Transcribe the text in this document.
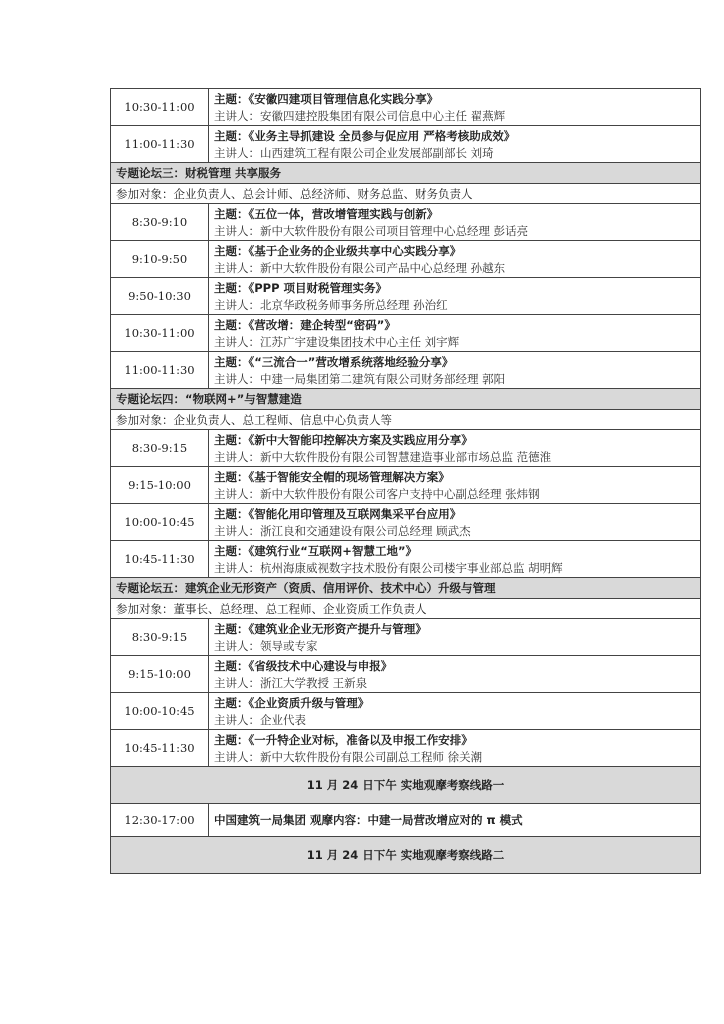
10:30-11:00	主题：《安徽四建项目管理信息化实践分享》
主讲人：安徽四建控股集团有限公司信息中心主任 翟燕辉

11:00-11:30	主题：《业务主导抓建设 全员参与促应用 严格考核助成效》
主讲人：山西建筑工程有限公司企业发展部副部长 刘琦

专题论坛三：财税管理 共享服务	
参加对象：企业负责人、总会计师、总经济师、财务总监、财务负责人	
8:30-9:10	主题：《五位一体，营改增管理实践与创新》
主讲人：新中大软件股份有限公司项目管理中心总经理 彭话亮

9:10-9:50	主题：《基于企业务的企业级共享中心实践分享》
主讲人：新中大软件股份有限公司产品中心总经理 孙越东

9:50-10:30	主题：《PPP 项目财税管理实务》
主讲人：北京华政税务师事务所总经理 孙治红

10:30-11:00	主题：《营改增：建企转型“密码”》
主讲人：江苏广宇建设集团技术中心主任 刘宇辉

11:00-11:30	主题：《“三流合一”营改增系统落地经验分享》
主讲人：中建一局集团第二建筑有限公司财务部经理 郭阳

专题论坛四：“物联网+”与智慧建造	
参加对象：企业负责人、总工程师、信息中心负责人等	
8:30-9:15	主题：《新中大智能印控解决方案及实践应用分享》
主讲人：新中大软件股份有限公司智慧建造事业部市场总监 范德淮

9:15-10:00	主题：《基于智能安全帽的现场管理解决方案》
主讲人：新中大软件股份有限公司客户支持中心副总经理 张炜钢

10:00-10:45	主题：《智能化用印管理及互联网集采平台应用》
主讲人：浙江良和交通建设有限公司总经理 顾武杰

10:45-11:30	主题：《建筑行业“互联网+智慧工地”》
主讲人：杭州海康威视数字技术股份有限公司楼宇事业部总监 胡明辉

专题论坛五：建筑企业无形资产（资质、信用评价、技术中心）升级与管理	
参加对象：董事长、总经理、总工程师、企业资质工作负责人	
8:30-9:15	主题：《建筑业企业无形资产提升与管理》
主讲人：领导或专家

9:15-10:00	主题：《省级技术中心建设与申报》
主讲人：浙江大学教授 王新泉

10:00-10:45	主题：《企业资质升级与管理》
主讲人：企业代表

10:45-11:30	主题：《一升特企业对标，准备以及申报工作安排》
主讲人：新中大软件股份有限公司副总工程师 徐关潮

11 月 24 日下午 实地观摩考察线路一	
12:30-17:00	中国建筑一局集团 观摩内容：中建一局营改增应对的 π 模式
11 月 24 日下午 实地观摩考察线路二	
